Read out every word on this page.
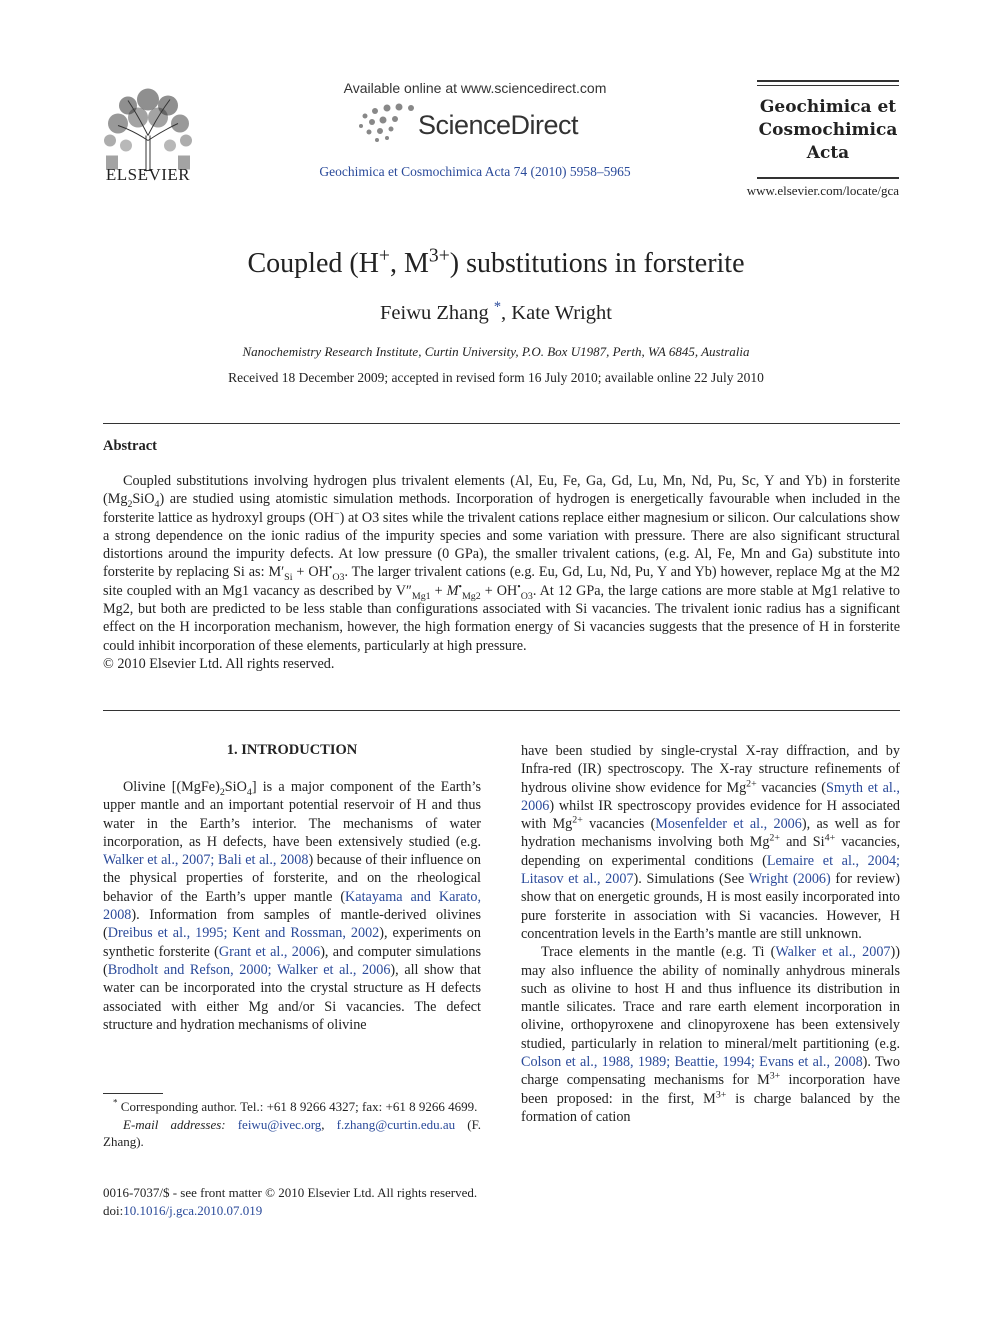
ELSEVIER
Available online at www.sciencedirect.com
ScienceDirect
Geochimica et Cosmochimica Acta 74 (2010) 5958–5965
Geochimica et
Cosmochimica
Acta
www.elsevier.com/locate/gca
Coupled (H+, $M^{3+}$) substitutions in forsterite
Feiwu Zhang *, Kate Wright
Nanochemistry Research Institute, Curtin University, P.O. Box U1987, Perth, WA 6845, Australia
Received 18 December 2009; accepted in revised form 16 July 2010; available online 22 July 2010
Abstract

Coupled substitutions involving hydrogen plus trivalent elements (Al, Eu, Fe, Ga, Gd, Lu, Mn, Nd, Pu, Sc, Y and Yb) in forsterite $(Mg_2SiO_4)$ are studied using atomistic simulation methods. Incorporation of hydrogen is energetically favourable when included in the forsterite lattice as hydroxyl groups (OH−) at O3 sites while the trivalent cations replace either magnesium or silicon. Our calculations show a strong dependence on the ionic radius of the impurity species and some variation with pressure. There are also significant structural distortions around the impurity defects. At low pressure (0 GPa), the smaller trivalent cations, (e.g. Al, Fe, Mn and Ga) substitute into forsterite by replacing Si as: $M'_{Si} + OH^•_{O3}$. The larger trivalent cations (e.g. Eu, Gd, Lu, Nd, Pu, Y and Yb) however, replace Mg at the M2 site coupled with an Mg1 vacancy as described by $V''_{Mg1} + M^•_{Mg2} + OH^•_{O3}$. At 12 GPa, the large cations are more stable at Mg1 relative to Mg2, but both are predicted to be less stable than configurations associated with Si vacancies. The trivalent ionic radius has a significant effect on the H incorporation mechanism, however, the high formation energy of Si vacancies suggests that the presence of H in forsterite could inhibit incorporation of these elements, particularly at high pressure.

© 2010 Elsevier Ltd. All rights reserved.
1. INTRODUCTION

Olivine $[(MgFe)_2SiO_4]$ is a major component of the Earth’s upper mantle and an important potential reservoir of H and thus water in the Earth’s interior. The mechanisms of water incorporation, as H defects, have been extensively studied (e.g. Walker et al., 2007; Bali et al., 2008) because of their influence on the physical properties of forsterite, and on the rheological behavior of the Earth’s upper mantle (Katayama and Karato, 2008). Information from samples of mantle-derived olivines (Dreibus et al., 1995; Kent and Rossman, 2002), experiments on synthetic forsterite (Grant et al., 2006), and computer simulations (Brodholt and Refson, 2000; Walker et al., 2006), all show that water can be incorporated into the crystal structure as H defects associated with either Mg and/or Si vacancies. The defect structure and hydration mechanisms of olivine

have been studied by single-crystal X-ray diffraction, and by Infra-red (IR) spectroscopy. The X-ray structure refinements of hydrous olivine show evidence for $Mg^{2+}$ vacancies (Smyth et al., 2006) whilst IR spectroscopy provides evidence for H associated with $Mg^{2+}$ vacancies (Mosenfelder et al., 2006), as well as for hydration mechanisms involving both $Mg^{2+}$ and $Si^{4+}$ vacancies, depending on experimental conditions (Lemaire et al., 2004; Litasov et al., 2007). Simulations (See Wright (2006) for review) show that on energetic grounds, H is most easily incorporated into pure forsterite in association with Si vacancies. However, H concentration levels in the Earth’s mantle are still unknown.

Trace elements in the mantle (e.g. Ti (Walker et al., 2007)) may also influence the ability of nominally anhydrous minerals such as olivine to host H and thus influence its distribution in mantle silicates. Trace and rare earth element incorporation in olivine, orthopyroxene and clinopyroxene has been extensively studied, particularly in relation to mineral/melt partitioning (e.g. Colson et al., 1988, 1989; Beattie, 1994; Evans et al., 2008). Two charge compensating mechanisms for $M^{3+}$ incorporation have been proposed: in the first, $M^{3+}$ is charge balanced by the formation of cation

* Corresponding author. Tel.: +61 8 9266 4327; fax: +61 8 9266 4699.
E-mail addresses: feiwu@ivec.org, f.zhang@curtin.edu.au (F. Zhang).
0016-7037/$ - see front matter © 2010 Elsevier Ltd. All rights reserved.
doi:10.1016/j.gca.2010.07.019
